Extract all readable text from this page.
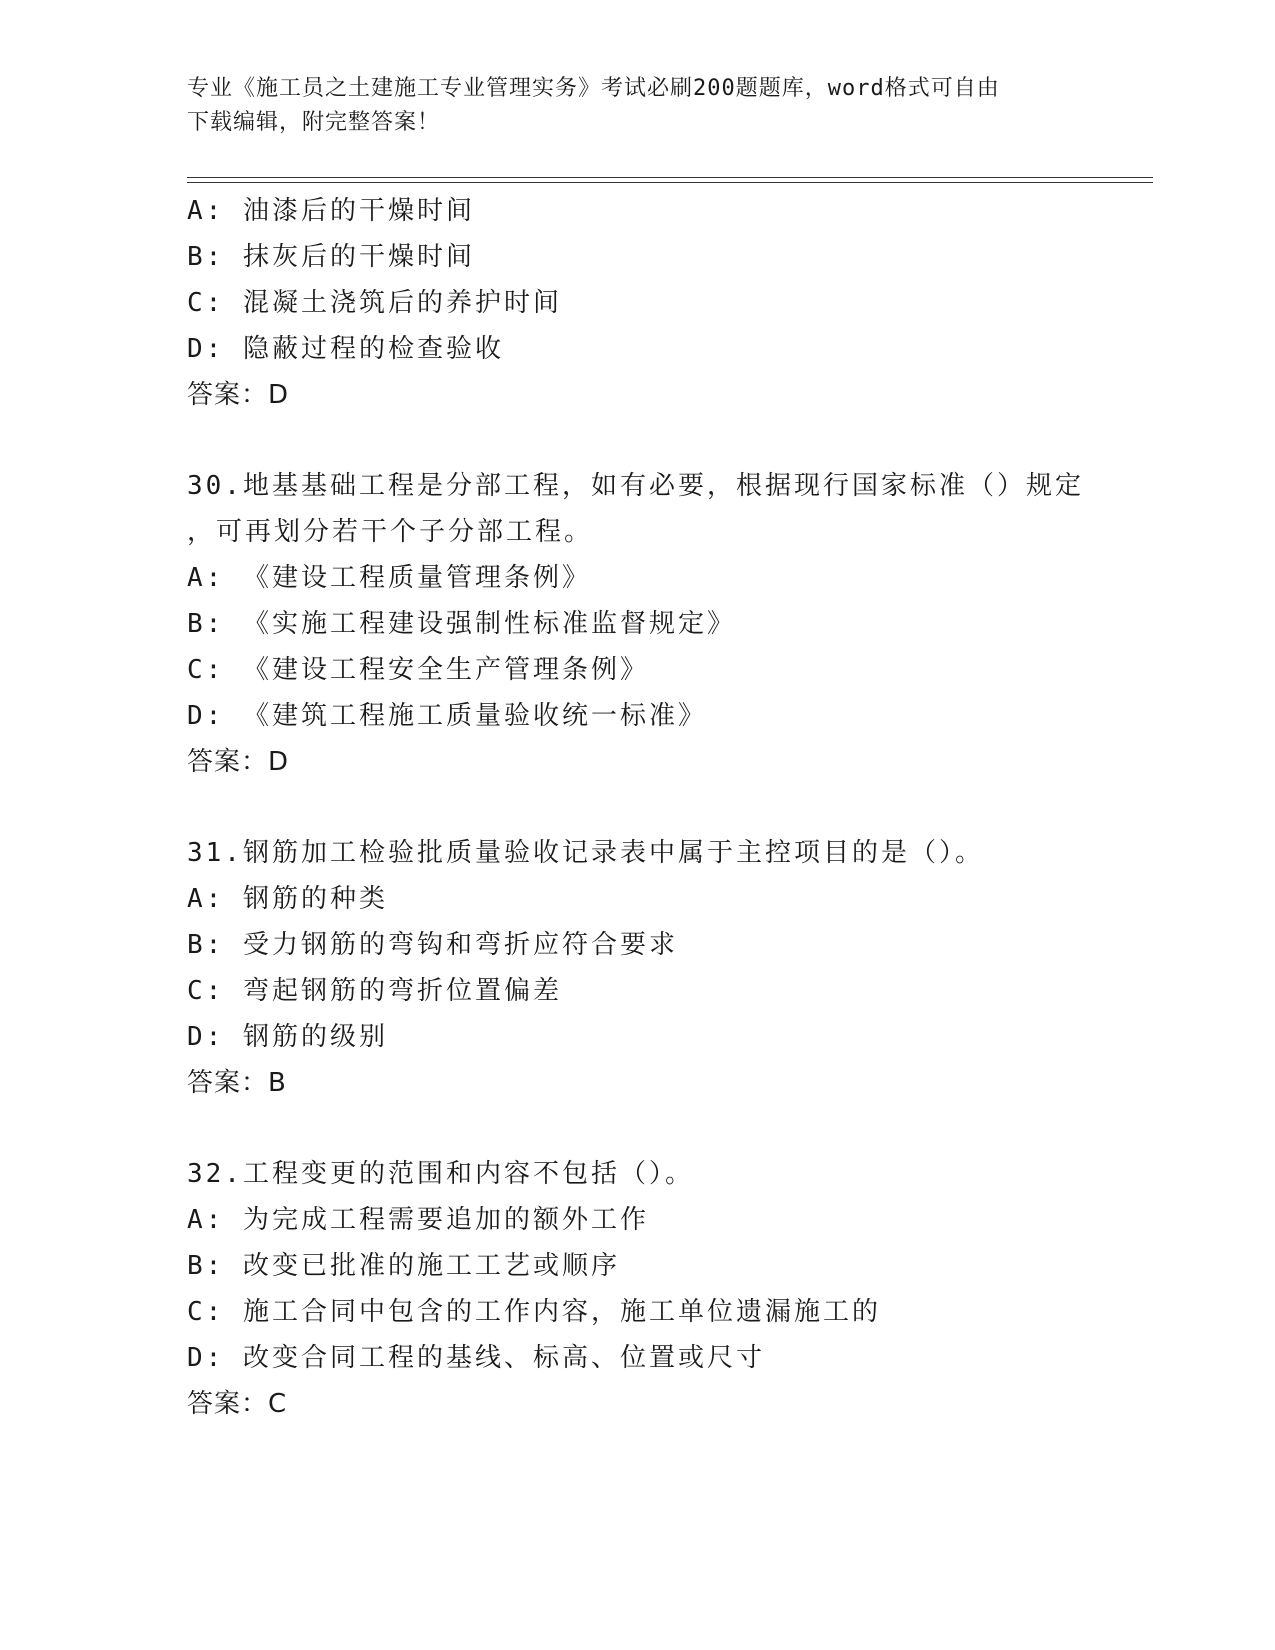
专业《施工员之土建施工专业管理实务》考试必刷200题题库，word格式可自由
下载编辑，附完整答案！
A: 油漆后的干燥时间
B: 抹灰后的干燥时间
C: 混凝土浇筑后的养护时间
D: 隐蔽过程的检查验收
答案：D
30.地基基础工程是分部工程，如有必要，根据现行国家标准（）规定
，可再划分若干个子分部工程。
A: 《建设工程质量管理条例》
B: 《实施工程建设强制性标准监督规定》
C: 《建设工程安全生产管理条例》
D: 《建筑工程施工质量验收统一标准》
答案：D
31.钢筋加工检验批质量验收记录表中属于主控项目的是（）。
A: 钢筋的种类
B: 受力钢筋的弯钩和弯折应符合要求
C: 弯起钢筋的弯折位置偏差
D: 钢筋的级别
答案：B
32.工程变更的范围和内容不包括（）。
A: 为完成工程需要追加的额外工作
B: 改变已批准的施工工艺或顺序
C: 施工合同中包含的工作内容，施工单位遗漏施工的
D: 改变合同工程的基线、标高、位置或尺寸
答案：C
